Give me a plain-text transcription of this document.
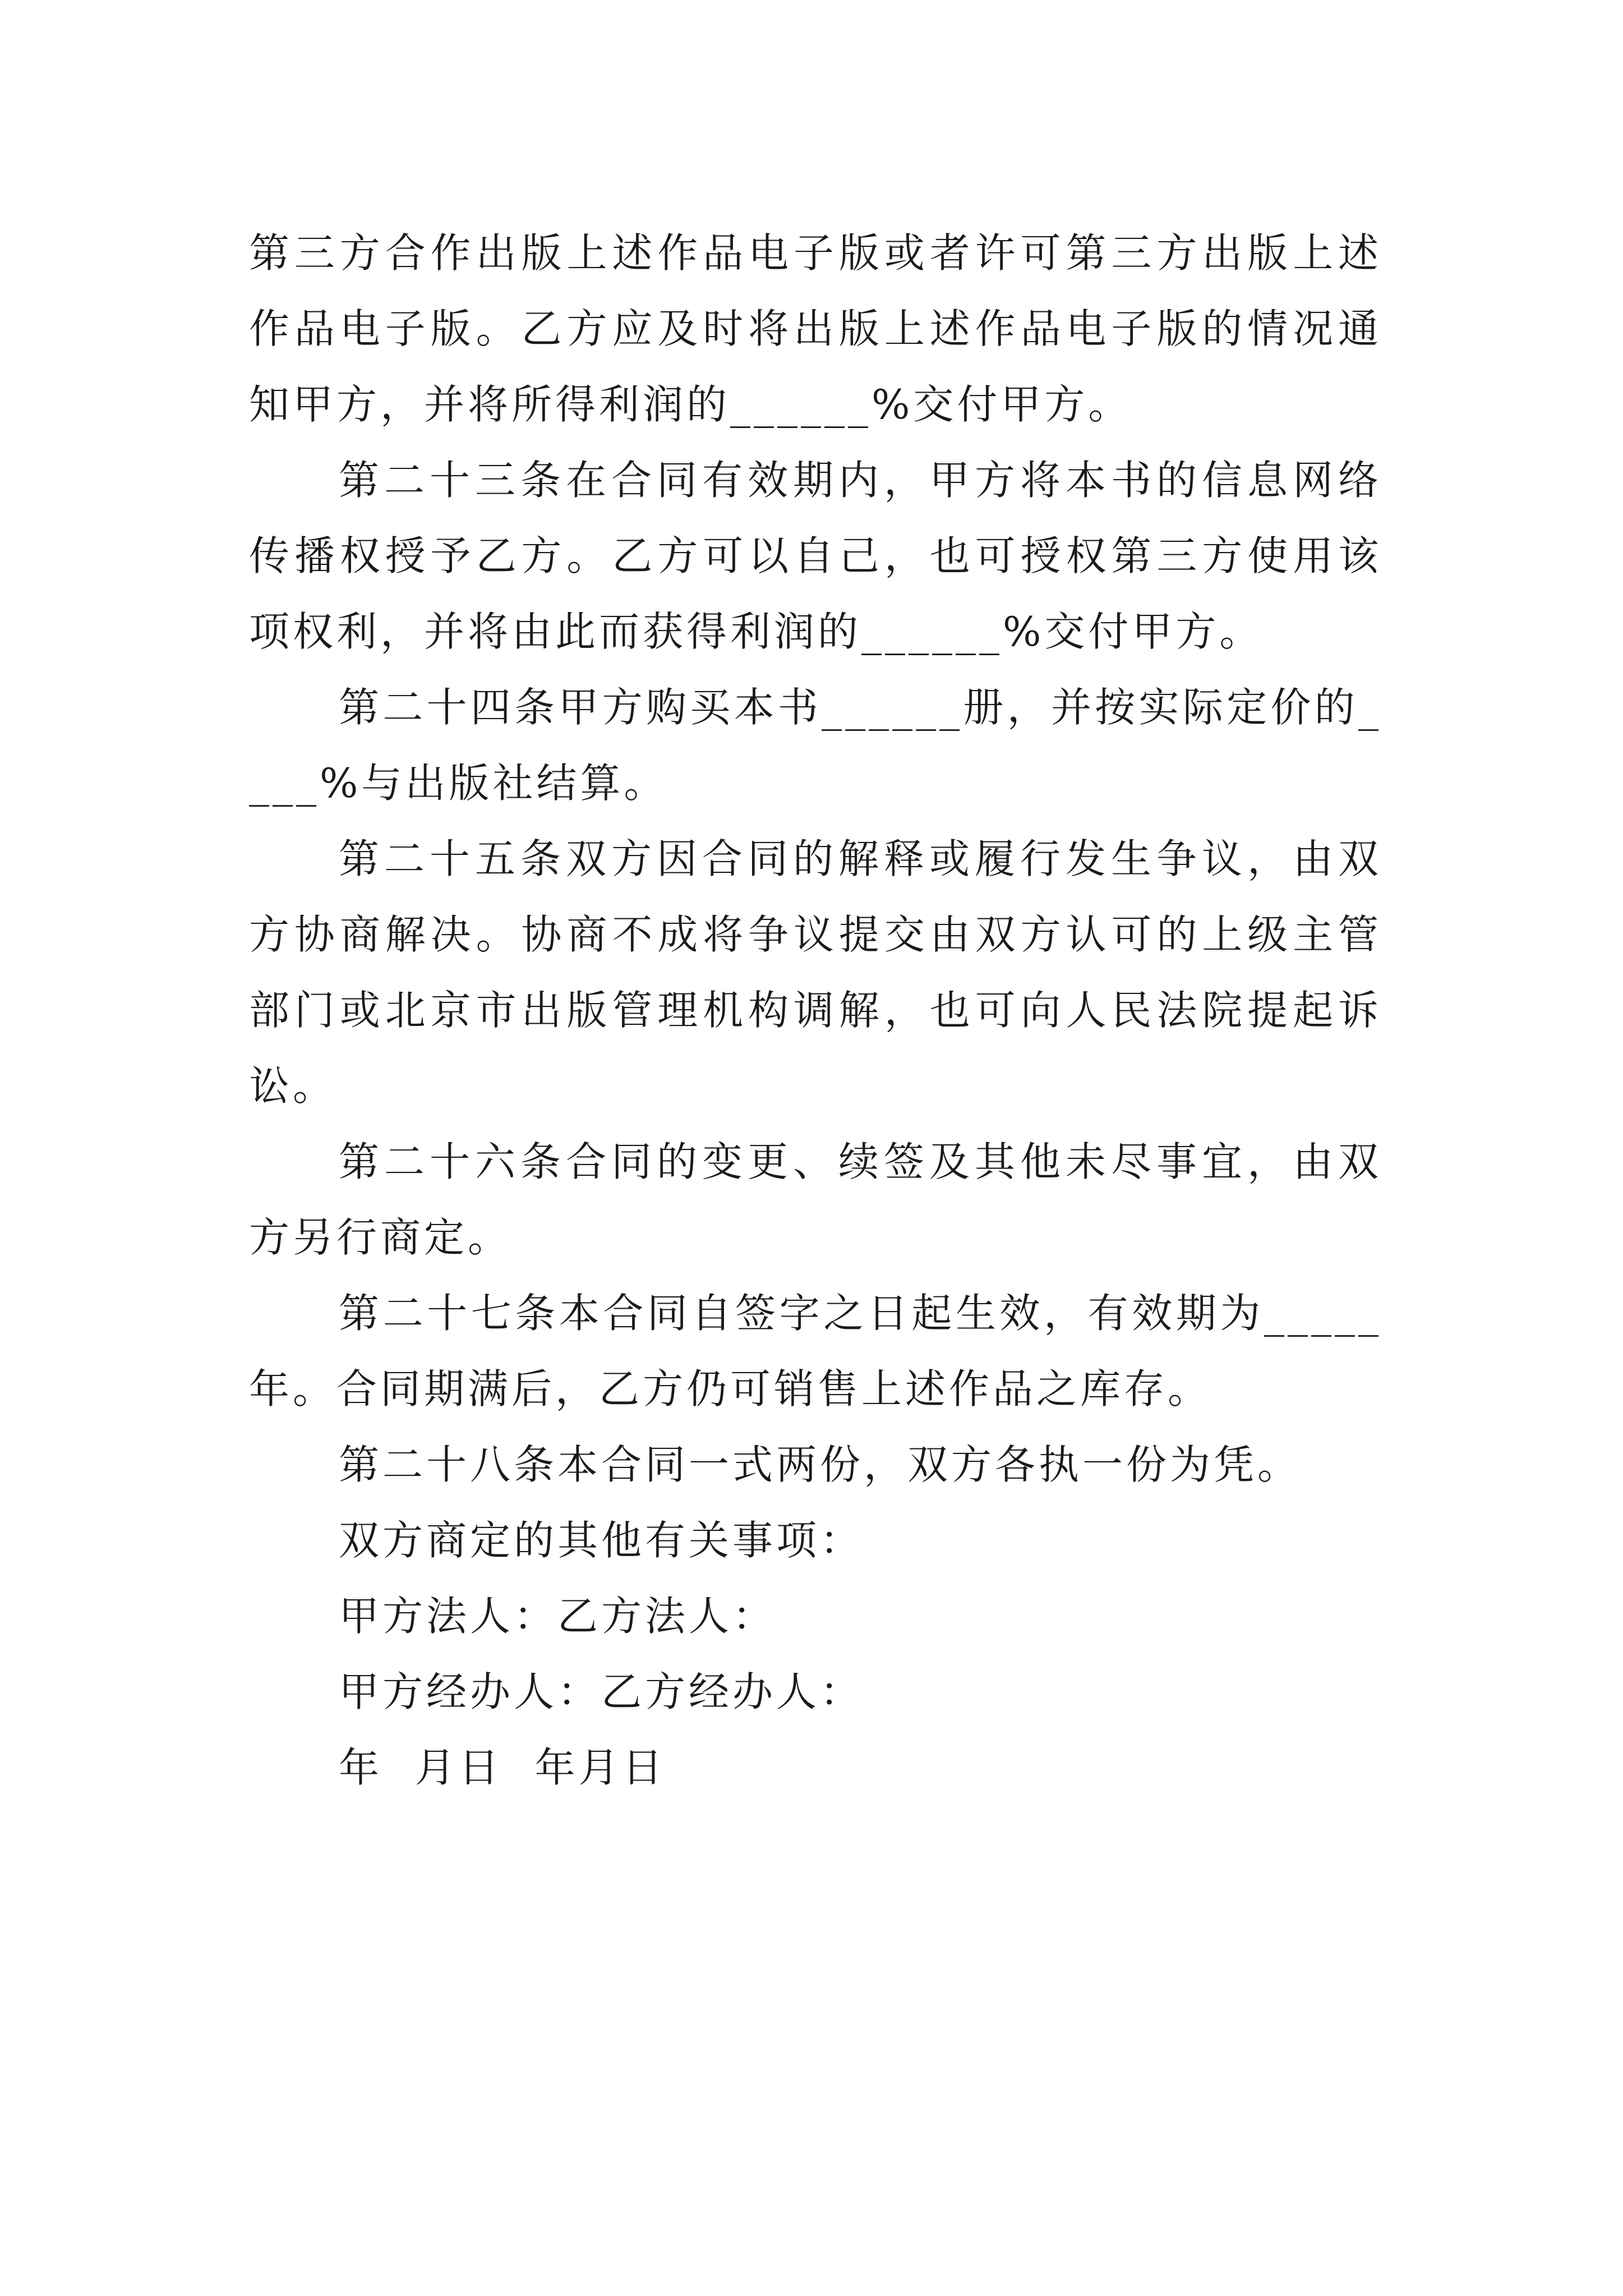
第三方合作出版上述作品电子版或者许可第三方出版上述作品电子版。乙方应及时将出版上述作品电子版的情况通知甲方，并将所得利润的______%交付甲方。

第二十三条在合同有效期内，甲方将本书的信息网络传播权授予乙方。乙方可以自己，也可授权第三方使用该项权利，并将由此而获得利润的______%交付甲方。

第二十四条甲方购买本书______册，并按实际定价的____%与出版社结算。

第二十五条双方因合同的解释或履行发生争议，由双方协商解决。协商不成将争议提交由双方认可的上级主管部门或北京市出版管理机构调解，也可向人民法院提起诉讼。

第二十六条合同的变更、续签及其他未尽事宜，由双方另行商定。

第二十七条本合同自签字之日起生效，有效期为_____年。合同期满后，乙方仍可销售上述作品之库存。

第二十八条本合同一式两份，双方各执一份为凭。

双方商定的其他有关事项：

甲方法人：乙方法人：

甲方经办人：乙方经办人：

年  月日  年月日
